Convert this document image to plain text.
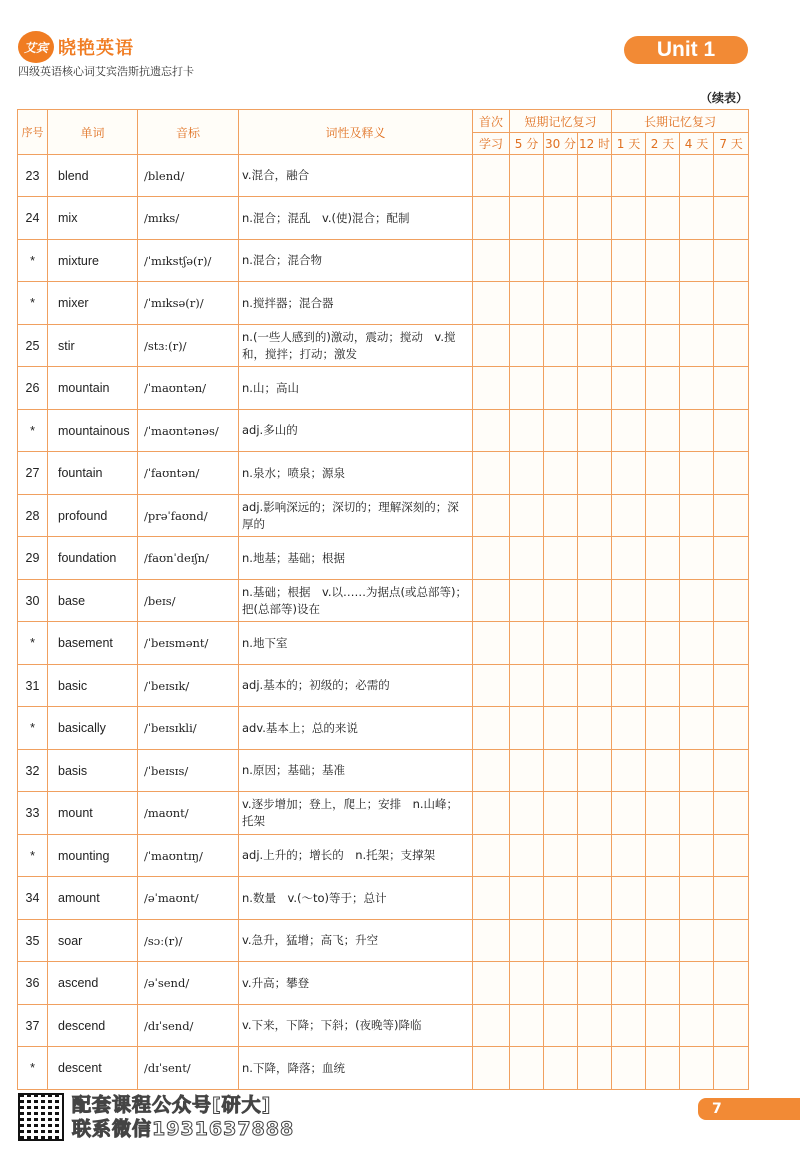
艾宾 晓艳英语
四级英语核心词艾宾浩斯抗遗忘打卡
Unit 1
（续表）
序号	单词	音标	词性及释义	首次	短期记忆复习			长期记忆复习			
				学习	5 分	30 分	12 时	1 天	2 天	4 天	7 天
23	blend	/blend/	v.混合，融合								
24	mix	/mɪks/	n.混合；混乱　v.(使)混合；配制								
*	mixture	/ˈmɪkstʃə(r)/	n.混合；混合物								
*	mixer	/ˈmɪksə(r)/	n.搅拌器；混合器								
25	stir	/stɜː(r)/	n.(一些人感到的)激动，震动；搅动　v.搅和，搅拌；打动；激发								
26	mountain	/ˈmaʊntən/	n.山；高山								
*	mountainous	/ˈmaʊntənəs/	adj.多山的								
27	fountain	/ˈfaʊntən/	n.泉水；喷泉；源泉								
28	profound	/prəˈfaʊnd/	adj.影响深远的；深切的；理解深刻的；深厚的								
29	foundation	/faʊnˈdeɪʃn/	n.地基；基础；根据								
30	base	/beɪs/	n.基础；根据　v.以……为据点(或总部等)；把(总部等)设在								
*	basement	/ˈbeɪsmənt/	n.地下室								
31	basic	/ˈbeɪsɪk/	adj.基本的；初级的；必需的								
*	basically	/ˈbeɪsɪkli/	adv.基本上；总的来说								
32	basis	/ˈbeɪsɪs/	n.原因；基础；基准								
33	mount	/maʊnt/	v.逐步增加；登上，爬上；安排　n.山峰；托架								
*	mounting	/ˈmaʊntɪŋ/	adj.上升的；增长的　n.托架；支撑架								
34	amount	/əˈmaʊnt/	n.数量　v.(～to)等于；总计								
35	soar	/sɔː(r)/	v.急升，猛增；高飞；升空								
36	ascend	/əˈsend/	v.升高；攀登								
37	descend	/dɪˈsend/	v.下来，下降；下斜；(夜晚等)降临								
*	descent	/dɪˈsent/	n.下降，降落；血统								
配套课程公众号[研大]
联系微信1931637888
7
